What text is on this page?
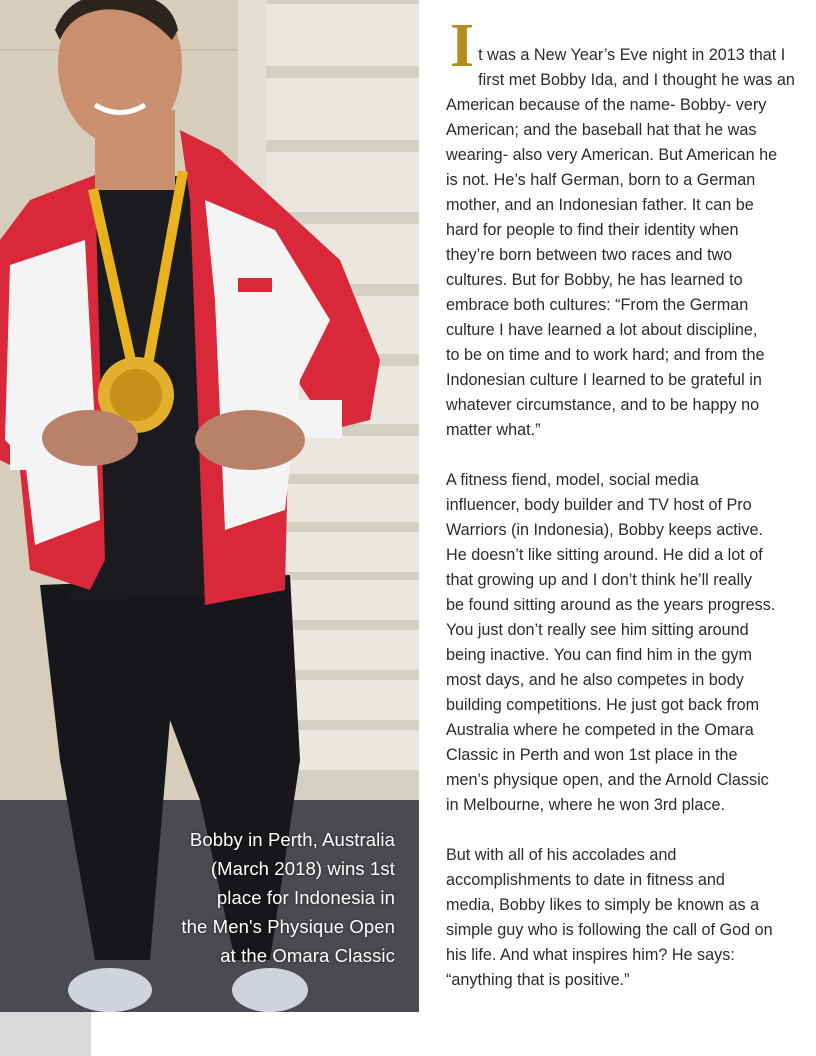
Bobby in Perth, Australia
(March 2018) wins 1st
place for Indonesia in
the Men's Physique Open
at the Omara Classic

I t was a New Year’s Eve night in 2013 that I
first met Bobby Ida, and I thought he was an
American because of the name- Bobby- very
American; and the baseball hat that he was
wearing- also very American. But American he
is not. He’s half German, born to a German
mother, and an Indonesian father. It can be
hard for people to find their identity when
they’re born between two races and two
cultures. But for Bobby, he has learned to
embrace both cultures: “From the German
culture I have learned a lot about discipline,
to be on time and to work hard; and from the
Indonesian culture I learned to be grateful in
whatever circumstance, and to be happy no
matter what.”

A fitness fiend, model, social media
influencer, body builder and TV host of Pro
Warriors (in Indonesia), Bobby keeps active.
He doesn’t like sitting around. He did a lot of
that growing up and I don’t think he’ll really
be found sitting around as the years progress.
You just don’t really see him sitting around
being inactive. You can find him in the gym
most days, and he also competes in body
building competitions. He just got back from
Australia where he competed in the Omara
Classic in Perth and won 1st place in the
men’s physique open, and the Arnold Classic
in Melbourne, where he won 3rd place.

But with all of his accolades and
accomplishments to date in fitness and
media, Bobby likes to simply be known as a
simple guy who is following the call of God on
his life. And what inspires him? He says:
“anything that is positive.”
